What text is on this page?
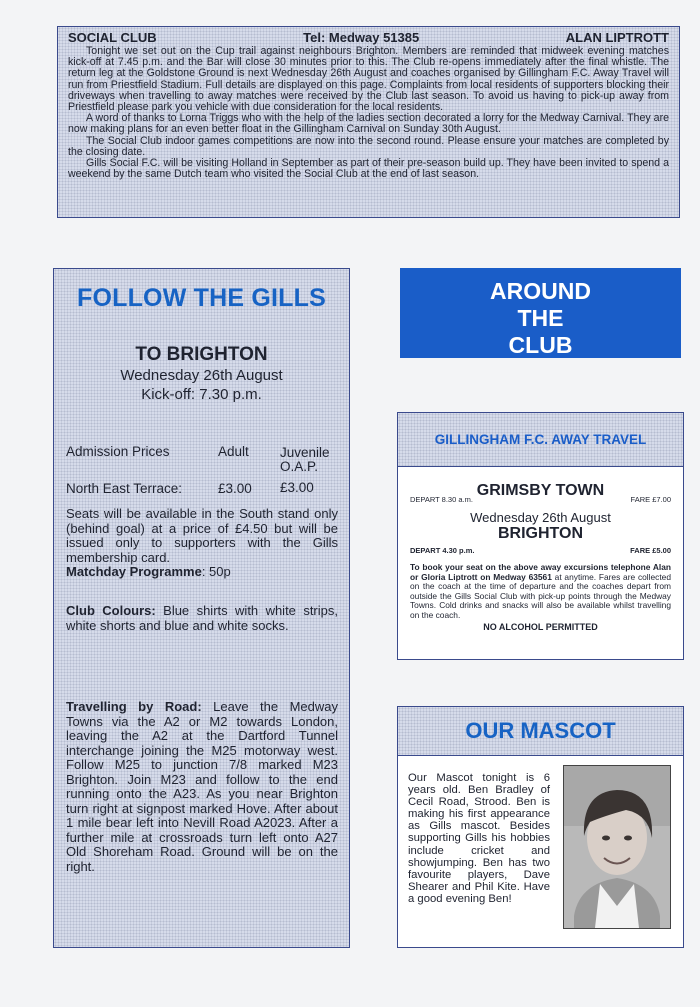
SOCIAL CLUB	Tel: Medway 51385	ALAN LIPTROTT

Tonight we set out on the Cup trail against neighbours Brighton. Members are reminded that midweek evening matches kick-off at 7.45 p.m. and the Bar will close 30 minutes prior to this. The Club re-opens immediately after the final whistle. The return leg at the Goldstone Ground is next Wednesday 26th August and coaches organised by Gillingham F.C. Away Travel will run from Priestfield Stadium. Full details are displayed on this page. Complaints from local residents of supporters blocking their driveways when travelling to away matches were received by the Club last season. To avoid us having to pick-up away from Priestfield please park you vehicle with due consideration for the local residents.

A word of thanks to Lorna Triggs who with the help of the ladies section decorated a lorry for the Medway Carnival. They are now making plans for an even better float in the Gillingham Carnival on Sunday 30th August.

The Social Club indoor games competitions are now into the second round. Please ensure your matches are completed by the closing date.

Gills Social F.C. will be visiting Holland in September as part of their pre-season build up. They have been invited to spend a weekend by the same Dutch team who visited the Social Club at the end of last season.

FOLLOW THE GILLS
TO BRIGHTON
Wednesday 26th August
Kick-off: 7.30 p.m.
Admission Prices	Adult Juvenile
O.A.P.
North East Terrace:	£3.00 £3.00

Seats will be available in the South stand only (behind goal) at a price of £4.50 but will be issued only to supporters with the Gills membership card.
Matchday Programme: 50p

Club Colours: Blue shirts with white strips, white shorts and blue and white socks.

Travelling by Road: Leave the Medway Towns via the A2 or M2 towards London, leaving the A2 at the Dartford Tunnel interchange joining the M25 motorway west. Follow M25 to junction 7/8 marked M23 Brighton. Join M23 and follow to the end running onto the A23. As you near Brighton turn right at signpost marked Hove. After about 1 mile bear left into Nevill Road A2023. After a further mile at crossroads turn left onto A27 Old Shoreham Road. Ground will be on the right.

AROUND
THE
CLUB
GILLINGHAM F.C. AWAY TRAVEL
GRIMSBY TOWN
DEPART 8.30 a.m.	FARE £7.00
Wednesday 26th August
BRIGHTON
DEPART 4.30 p.m.	FARE £5.00

To book your seat on the above away excursions telephone Alan or Gloria Liptrott on Medway 63561 at anytime. Fares are collected on the coach at the time of departure and the coaches depart from outside the Gills Social Club with pick-up points through the Medway Towns. Cold drinks and snacks will also be available whilst travelling on the coach.

NO ALCOHOL PERMITTED
OUR MASCOT

Our Mascot tonight is 6 years old. Ben Bradley of Cecil Road, Strood. Ben is making his first appearance as Gills mascot. Besides supporting Gills his hobbies include cricket and showjumping. Ben has two favourite players, Dave Shearer and Phil Kite. Have a good evening Ben!
